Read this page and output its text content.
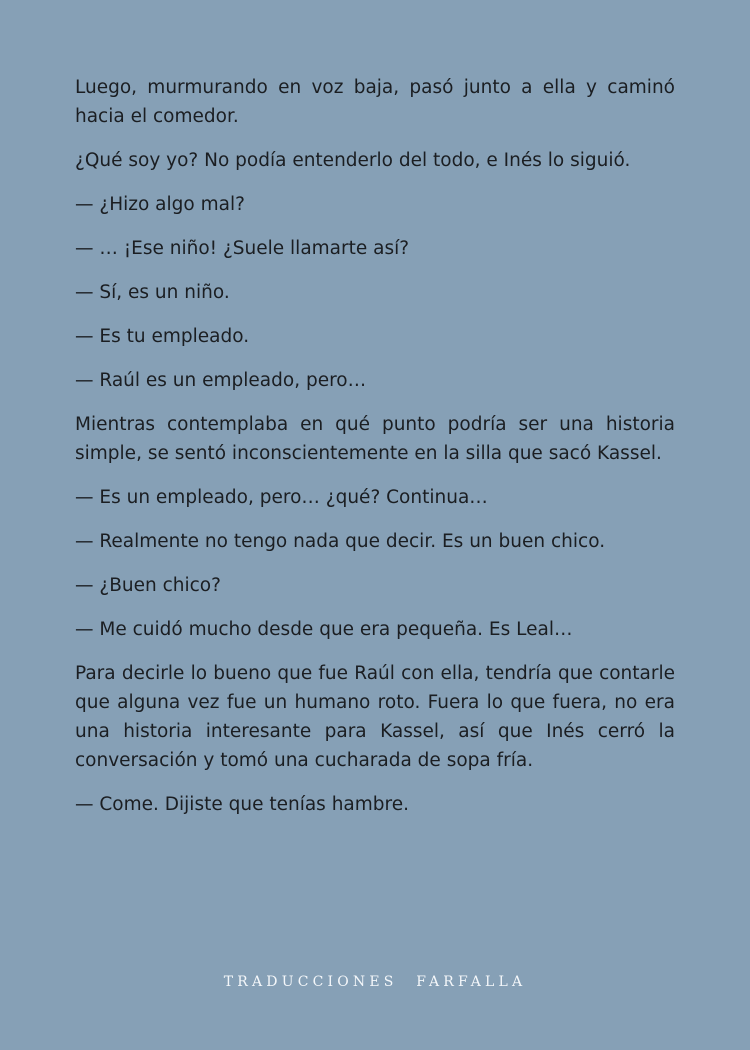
Luego, murmurando en voz baja, pasó junto a ella y caminó hacia el comedor.

¿Qué soy yo? No podía entenderlo del todo, e Inés lo siguió.

— ¿Hizo algo mal?

— … ¡Ese niño! ¿Suele llamarte así?

— Sí, es un niño.

— Es tu empleado.

— Raúl es un empleado, pero…

Mientras contemplaba en qué punto podría ser una historia simple, se sentó inconscientemente en la silla que sacó Kassel.

— Es un empleado, pero… ¿qué? Continua…

— Realmente no tengo nada que decir. Es un buen chico.

— ¿Buen chico?

— Me cuidó mucho desde que era pequeña. Es Leal…

Para decirle lo bueno que fue Raúl con ella, tendría que contarle que alguna vez fue un humano roto. Fuera lo que fuera, no era una historia interesante para Kassel, así que Inés cerró la conversación y tomó una cucharada de sopa fría.

— Come. Dijiste que tenías hambre.

TRADUCCIONES FARFALLA
